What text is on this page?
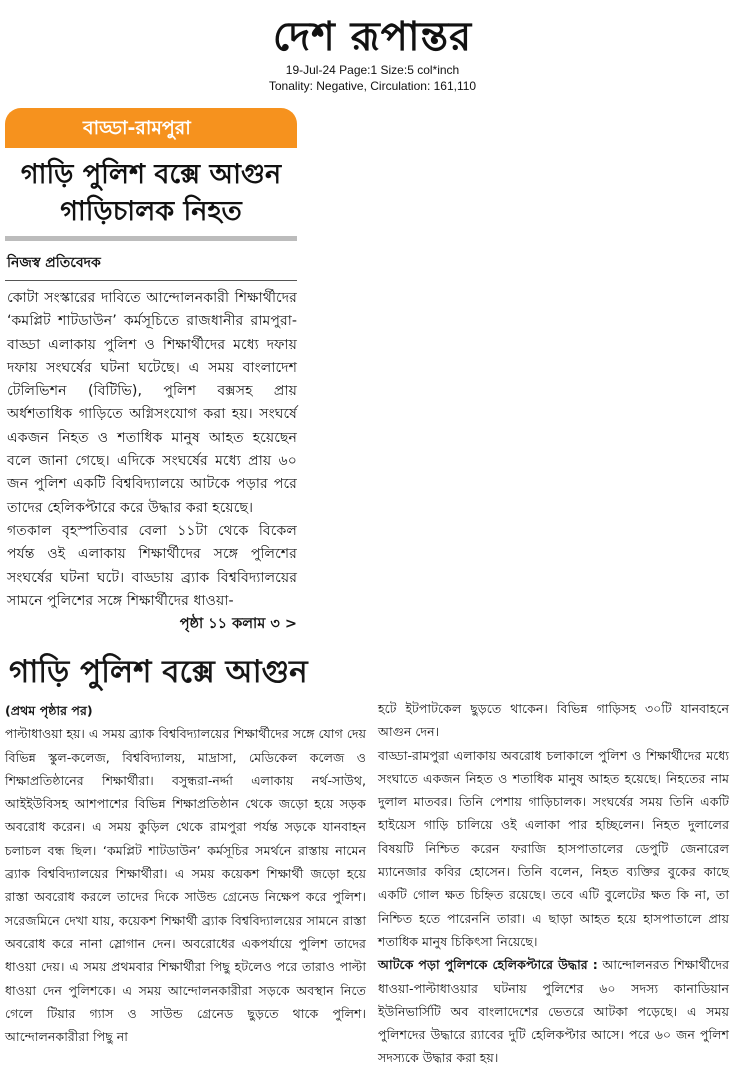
দেশ রূপান্তর
19-Jul-24 Page:1 Size:5 col*inch
Tonality: Negative, Circulation: 161,110
বাড্ডা-রামপুরা
গাড়ি পুলিশ বক্সে আগুন
গাড়িচালক নিহত
নিজস্ব প্রতিবেদক

কোটা সংস্কারের দাবিতে আন্দোলনকারী শিক্ষার্থীদের ‘কমপ্লিট শাটডাউন’ কর্মসূচিতে রাজধানীর রামপুরা-বাড্ডা এলাকায় পুলিশ ও শিক্ষার্থীদের মধ্যে দফায় দফায় সংঘর্ষের ঘটনা ঘটেছে। এ সময় বাংলাদেশ টেলিভিশন (বিটিভি), পুলিশ বক্সসহ প্রায় অর্ধশতাধিক গাড়িতে অগ্নিসংযোগ করা হয়। সংঘর্ষে একজন নিহত ও শতাধিক মানুষ আহত হয়েছেন বলে জানা গেছে। এদিকে সংঘর্ষের মধ্যে প্রায় ৬০ জন পুলিশ একটি বিশ্ববিদ্যালয়ে আটকে পড়ার পরে তাদের হেলিকপ্টারে করে উদ্ধার করা হয়েছে।

গতকাল বৃহস্পতিবার বেলা ১১টা থেকে বিকেল পর্যন্ত ওই এলাকায় শিক্ষার্থীদের সঙ্গে পুলিশের সংঘর্ষের ঘটনা ঘটে। বাড্ডায় ব্র্যাক বিশ্ববিদ্যালয়ের সামনে পুলিশের সঙ্গে শিক্ষার্থীদের ধাওয়া-

পৃষ্ঠা ১১ কলাম ৩ >
গাড়ি পুলিশ বক্সে আগুন

(প্রথম পৃষ্ঠার পর)

পাল্টাধাওয়া হয়। এ সময় ব্র্যাক বিশ্ববিদ্যালয়ের শিক্ষার্থীদের সঙ্গে যোগ দেয় বিভিন্ন স্কুল-কলেজ, বিশ্ববিদ্যালয়, মাদ্রাসা, মেডিকেল কলেজ ও শিক্ষাপ্রতিষ্ঠানের শিক্ষার্থীরা। বসুন্ধরা-নর্দ্দা এলাকায় নর্থ-সাউথ, আইইউবিসহ আশপাশের বিভিন্ন শিক্ষাপ্রতিষ্ঠান থেকে জড়ো হয়ে সড়ক অবরোধ করেন। এ সময় কুড়িল থেকে রামপুরা পর্যন্ত সড়কে যানবাহন চলাচল বন্ধ ছিল। ‘কমপ্লিট শাটডাউন’ কর্মসূচির সমর্থনে রাস্তায় নামেন ব্র্যাক বিশ্ববিদ্যালয়ের শিক্ষার্থীরা। এ সময় কয়েকশ শিক্ষার্থী জড়ো হয়ে রাস্তা অবরোধ করলে তাদের দিকে সাউন্ড গ্রেনেড নিক্ষেপ করে পুলিশ। সরেজমিনে দেখা যায়, কয়েকশ শিক্ষার্থী ব্র্যাক বিশ্ববিদ্যালয়ের সামনে রাস্তা অবরোধ করে নানা স্লোগান দেন। অবরোধের একপর্যায়ে পুলিশ তাদের ধাওয়া দেয়। এ সময় প্রথমবার শিক্ষার্থীরা পিছু হটলেও পরে তারাও পাল্টা ধাওয়া দেন পুলিশকে। এ সময় আন্দোলনকারীরা সড়কে অবস্থান নিতে গেলে টিয়ার গ্যাস ও সাউন্ড গ্রেনেড ছুড়তে থাকে পুলিশ। আন্দোলনকারীরা পিছু না

হটে ইটপাটকেল ছুড়তে থাকেন। বিভিন্ন গাড়িসহ ৩০টি যানবাহনে আগুন দেন।

বাড্ডা-রামপুরা এলাকায় অবরোধ চলাকালে পুলিশ ও শিক্ষার্থীদের মধ্যে সংঘাতে একজন নিহত ও শতাধিক মানুষ আহত হয়েছে। নিহতের নাম দুলাল মাতবর। তিনি পেশায় গাড়িচালক। সংঘর্ষের সময় তিনি একটি হাইয়েস গাড়ি চালিয়ে ওই এলাকা পার হচ্ছিলেন। নিহত দুলালের বিষয়টি নিশ্চিত করেন ফরাজি হাসপাতালের ডেপুটি জেনারেল ম্যানেজার কবির হোসেন। তিনি বলেন, নিহত ব্যক্তির বুকের কাছে একটি গোল ক্ষত চিহ্নিত রয়েছে। তবে এটি বুলেটের ক্ষত কি না, তা নিশ্চিত হতে পারেননি তারা। এ ছাড়া আহত হয়ে হাসপাতালে প্রায় শতাধিক মানুষ চিকিৎসা নিয়েছে।

আটকে পড়া পুলিশকে হেলিকপ্টারে উদ্ধার : আন্দোলনরত শিক্ষার্থীদের ধাওয়া-পাল্টাধাওয়ার ঘটনায় পুলিশের ৬০ সদস্য কানাডিয়ান ইউনিভার্সিটি অব বাংলাদেশের ভেতরে আটকা পড়েছে। এ সময় পুলিশদের উদ্ধারে র‌্যাবের দুটি হেলিকপ্টার আসে। পরে ৬০ জন পুলিশ সদস্যকে উদ্ধার করা হয়।
